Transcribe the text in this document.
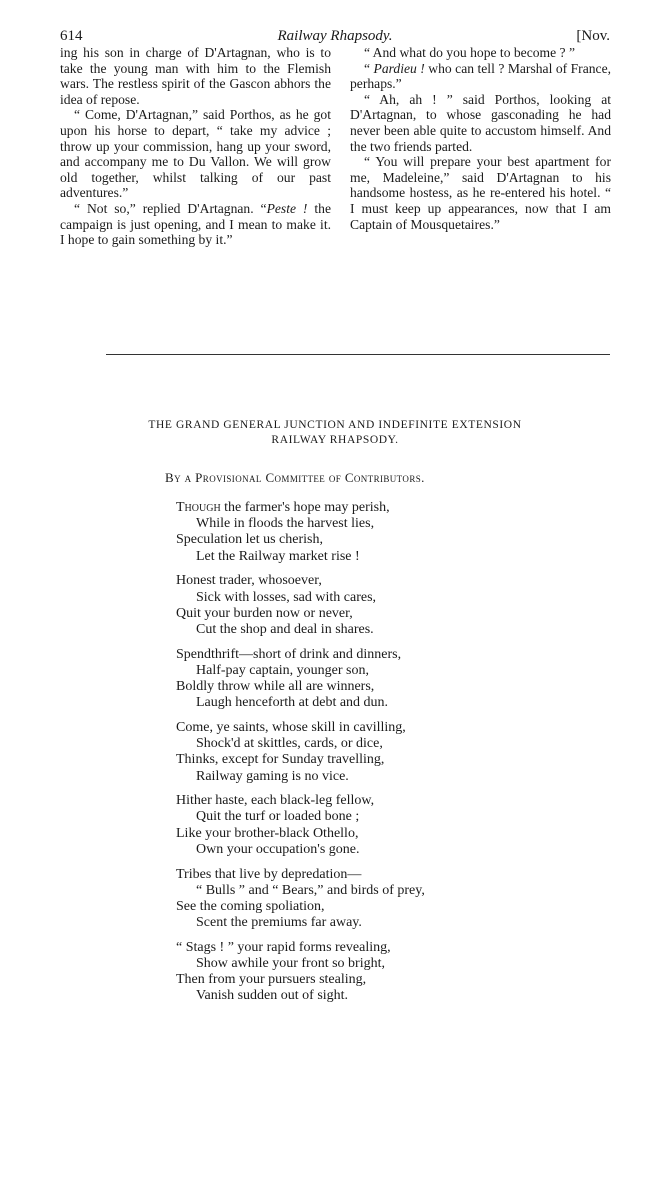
614	Railway Rhapsody.	[Nov.

ing his son in charge of D'Artagnan, who is to take the young man with him to the Flemish wars. The restless spirit of the Gascon abhors the idea of repose.

“ Come, D'Artagnan,” said Porthos, as he got upon his horse to depart, “ take my advice ; throw up your commission, hang up your sword, and accompany me to Du Vallon. We will grow old together, whilst talking of our past adventures.”

“ Not so,” replied D'Artagnan. “Peste ! the campaign is just opening, and I mean to make it. I hope to gain something by it.”

“ And what do you hope to become ? ”

“ Pardieu ! who can tell ? Marshal of France, perhaps.”

“ Ah, ah ! ” said Porthos, looking at D'Artagnan, to whose gasconading he had never been able quite to accustom himself. And the two friends parted.

“ You will prepare your best apartment for me, Madeleine,” said D'Artagnan to his handsome hostess, as he re-entered his hotel. “ I must keep up appearances, now that I am Captain of Mousquetaires.”

THE GRAND GENERAL JUNCTION AND INDEFINITE EXTENSION
RAILWAY RHAPSODY.
By a Provisional Committee of Contributors.
Though the farmer's hope may perish,
While in floods the harvest lies,
Speculation let us cherish,
Let the Railway market rise !
Honest trader, whosoever,
Sick with losses, sad with cares,
Quit your burden now or never,
Cut the shop and deal in shares.
Spendthrift—short of drink and dinners,
Half-pay captain, younger son,
Boldly throw while all are winners,
Laugh henceforth at debt and dun.
Come, ye saints, whose skill in cavilling,
Shock'd at skittles, cards, or dice,
Thinks, except for Sunday travelling,
Railway gaming is no vice.
Hither haste, each black-leg fellow,
Quit the turf or loaded bone ;
Like your brother-black Othello,
Own your occupation's gone.
Tribes that live by depredation—
“ Bulls ” and “ Bears,” and birds of prey,
See the coming spoliation,
Scent the premiums far away.
“ Stags ! ” your rapid forms revealing,
Show awhile your front so bright,
Then from your pursuers stealing,
Vanish sudden out of sight.
